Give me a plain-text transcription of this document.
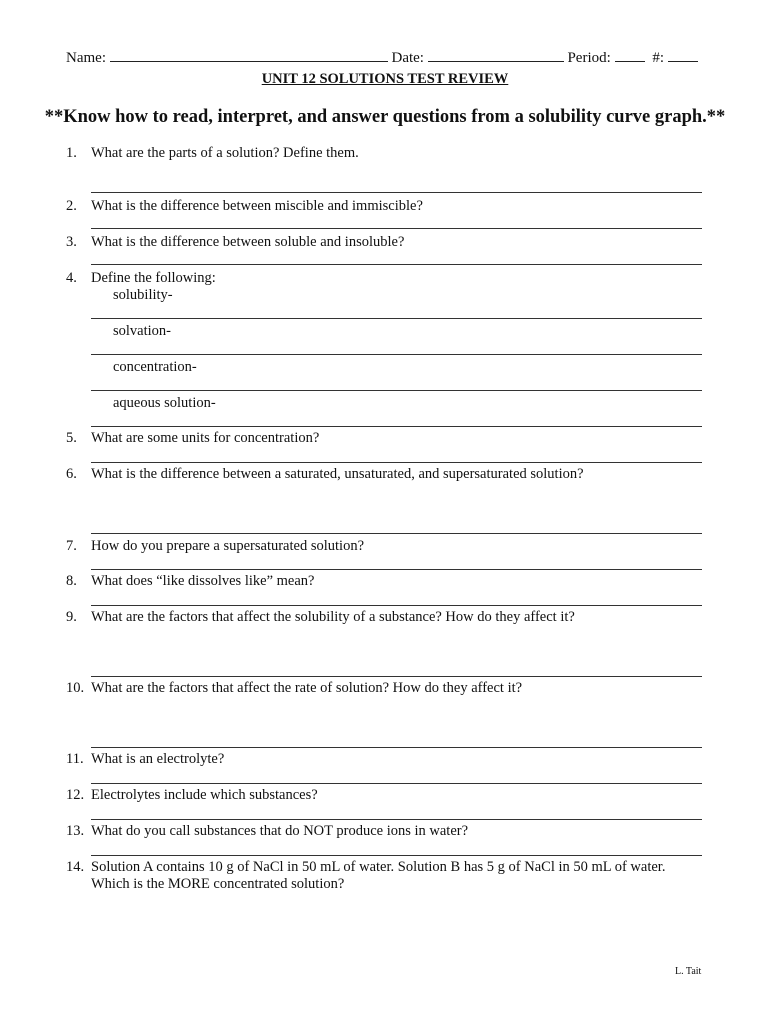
Name:	Date:	Period:	#:
UNIT 12 SOLUTIONS TEST REVIEW
**Know how to read, interpret, and answer questions from a solubility curve graph.**
1. What are the parts of a solution? Define them.
2. What is the difference between miscible and immiscible?
3. What is the difference between soluble and insoluble?
4. Define the following:
solubility-
solvation-
concentration-
aqueous solution-
5. What are some units for concentration?
6. What is the difference between a saturated, unsaturated, and supersaturated solution?
7. How do you prepare a supersaturated solution?
8. What does “like dissolves like” mean?
9. What are the factors that affect the solubility of a substance? How do they affect it?
10. What are the factors that affect the rate of solution? How do they affect it?
11. What is an electrolyte?
12. Electrolytes include which substances?
13. What do you call substances that do NOT produce ions in water?
14. Solution A contains 10 g of NaCl in 50 mL of water. Solution B has 5 g of NaCl in 50 mL of water.
Which is the MORE concentrated solution?
L. Tait
